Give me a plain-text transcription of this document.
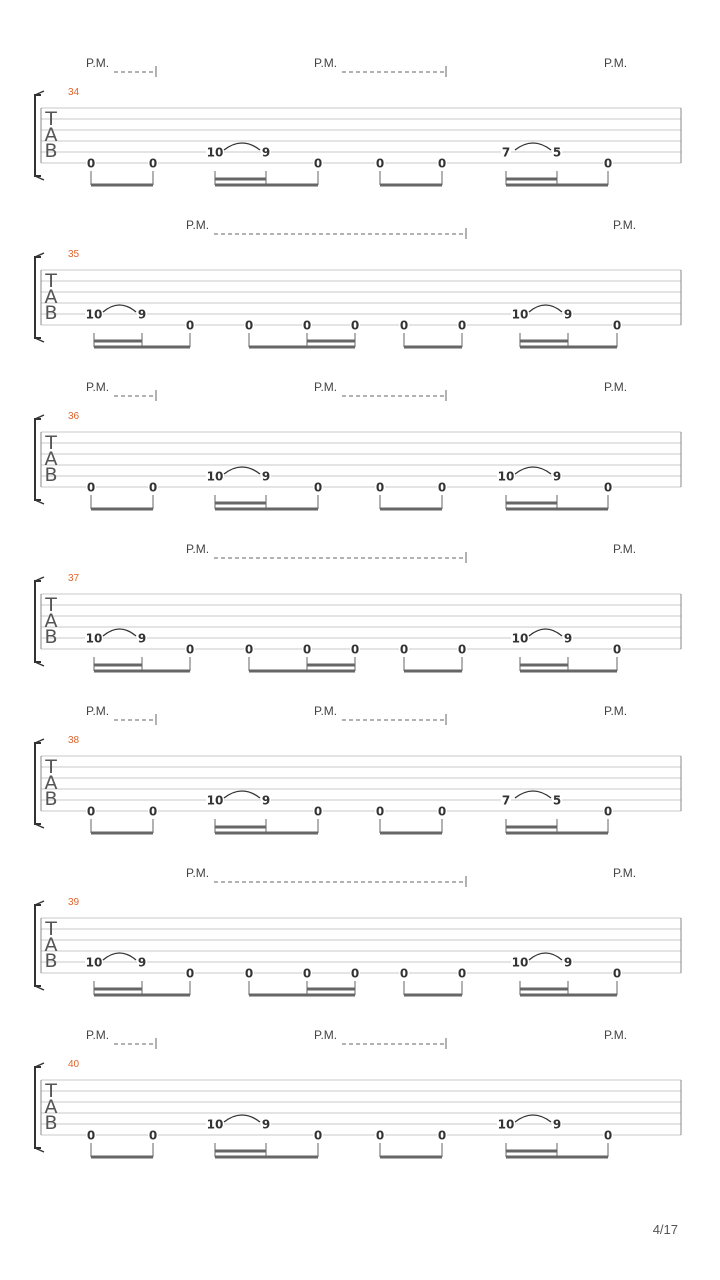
P.M.	P.M.	P.M.
34
T
A
B
0	0
10	9
0	0	0
7	5
0
P.M.	P.M.
35
T
A
B 10	9
0	0	0	0	0	0
10	9
0
P.M.	P.M.	P.M.
36
T
A
B
0	0
10	9
0	0	0
10	9
0
P.M.	P.M.
37
T
A
B 10	9
0	0	0	0	0	0
10	9
0
P.M.	P.M.	P.M.
38
T
A
B
0	0
10	9
0	0	0
7	5
0
P.M.	P.M.
39
T
A
B 10	9
0	0	0	0	0	0
10	9
0
P.M.	P.M.	P.M.
40
T
A
B
0	0
10	9
0	0	0
10	9
0
4/17
